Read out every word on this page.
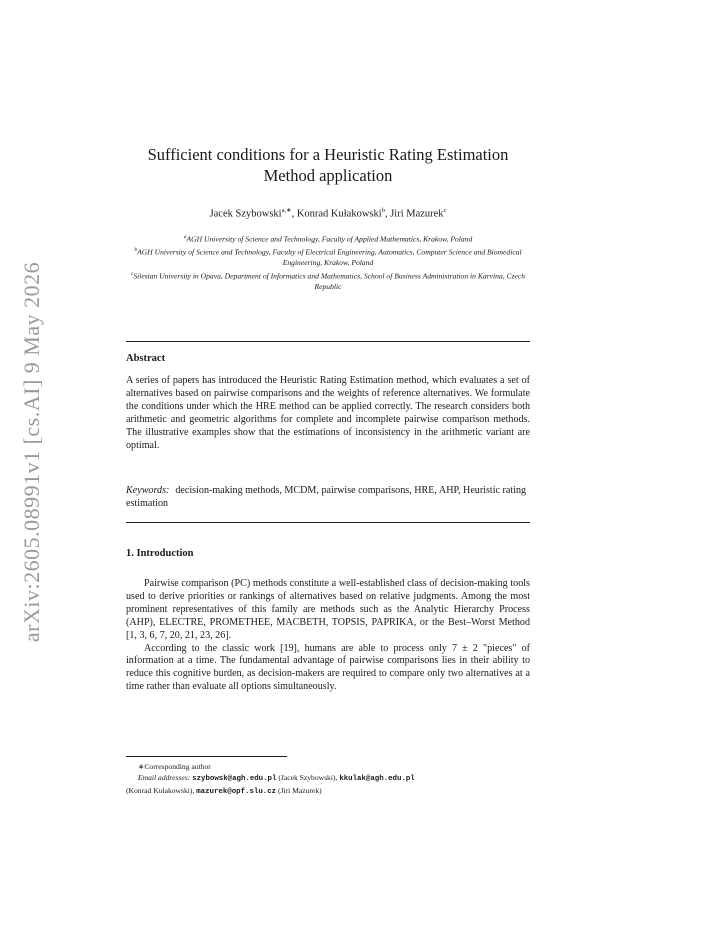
arXiv:2605.08991v1 [cs.AI] 9 May 2026
Sufficient conditions for a Heuristic Rating Estimation
Method application
Jacek Szybowski$^{a,∗}$, Konrad Kułakowski$^b$, Jiri Mazurek$^c$
$^a$AGH University of Science and Technology, Faculty of Applied Mathematics, Krakow, Poland
$^b$AGH University of Science and Technology, Faculty of Electrical Engineering, Automatics, Computer Science and Biomedical Engineering, Krakow, Poland
$^c$Silesian University in Opava, Department of Informatics and Mathematics, School of Business Administration in Karvina, Czech Republic
Abstract
A series of papers has introduced the Heuristic Rating Estimation method, which evaluates a set of alternatives based on pairwise comparisons and the weights of reference alternatives. We formulate the conditions under which the HRE method can be applied correctly. The research considers both arithmetic and geometric algorithms for complete and incomplete pairwise comparison methods. The illustrative examples show that the estimations of inconsistency in the arithmetic variant are optimal.
Keywords: decision-making methods, MCDM, pairwise comparisons, HRE, AHP, Heuristic rating estimation
1. Introduction

Pairwise comparison (PC) methods constitute a well-established class of decision-making tools used to derive priorities or rankings of alternatives based on relative judgments. Among the most prominent representatives of this family are methods such as the Analytic Hierarchy Process (AHP), ELECTRE, PROMETHEE, MACBETH, TOPSIS, PAPRIKA, or the Best–Worst Method [1, 3, 6, 7, 20, 21, 23, 26].

According to the classic work [19], humans are able to process only 7 ± 2 "pieces" of information at a time. The fundamental advantage of pairwise comparisons lies in their ability to reduce this cognitive burden, as decision-makers are required to compare only two alternatives at a time rather than evaluate all options simultaneously.

∗Corresponding author
Email addresses: szybowsk@agh.edu.pl (Jacek Szybowski), kkulak@agh.edu.pl
(Konrad Kułakowski), mazurek@opf.slu.cz (Jiri Mazurek)
